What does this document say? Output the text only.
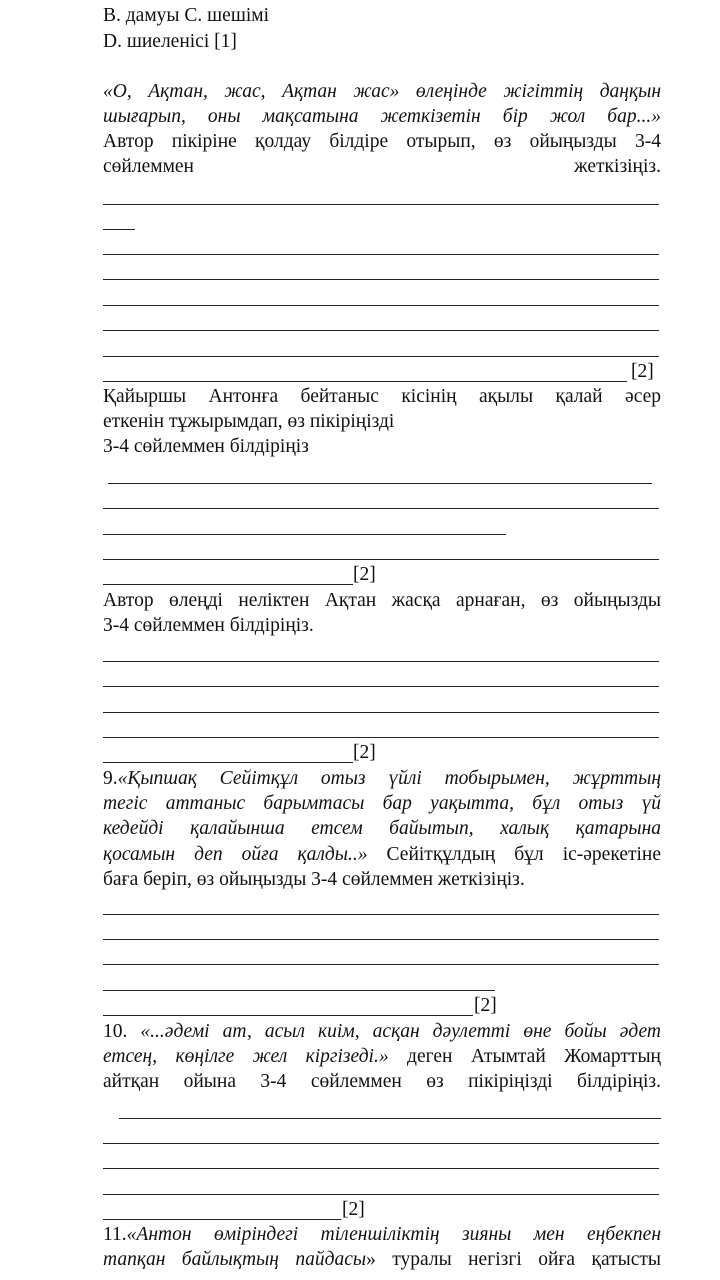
B. дамуы C. шешімі
D. шиеленісі [1]
«О, Ақтан, жас, Ақтан жас» өлеңінде жігіттің даңқын
шығарып, оны мақсатына жеткізетін бір жол бар...»
Автор пікіріне қолдау білдіре отырып, өз ойыңызды 3-4
сөйлеммен	жеткізіңіз.
[2]
Қайыршы Антонға бейтаныс кісінің ақылы қалай әсер
еткенін тұжырымдап, өз пікіріңізді
3-4 сөйлеммен білдіріңіз
[2]
Автор өлеңді неліктен Ақтан жасқа арнаған, өз ойыңызды
3-4 сөйлеммен білдіріңіз.
[2]
9.«Қыпшақ Сейітқұл отыз үйлі тобырымен, жұрттың
тегіс аттаныс барымтасы бар уақытта, бұл отыз үй
кедейді қалайынша етсем байытып, халық қатарына
қосамын деп ойға қалды..» Сейітқұлдың бұл іс-әрекетіне
баға беріп, өз ойыңызды 3-4 сөйлеммен жеткізіңіз.
[2]
10. «...әдемі ат, асыл киім, асқан дәулетті өне бойы әдет
етсең, көңілге жел кіргізеді.» деген Атымтай Жомарттың
айтқан ойына 3-4 сөйлеммен өз пікіріңізді білдіріңіз.
[2]
11.«Антон өміріндегі тіленшіліктің зияны мен еңбекпен
тапқан байлықтың пайдасы» туралы негізгі ойға қатысты
